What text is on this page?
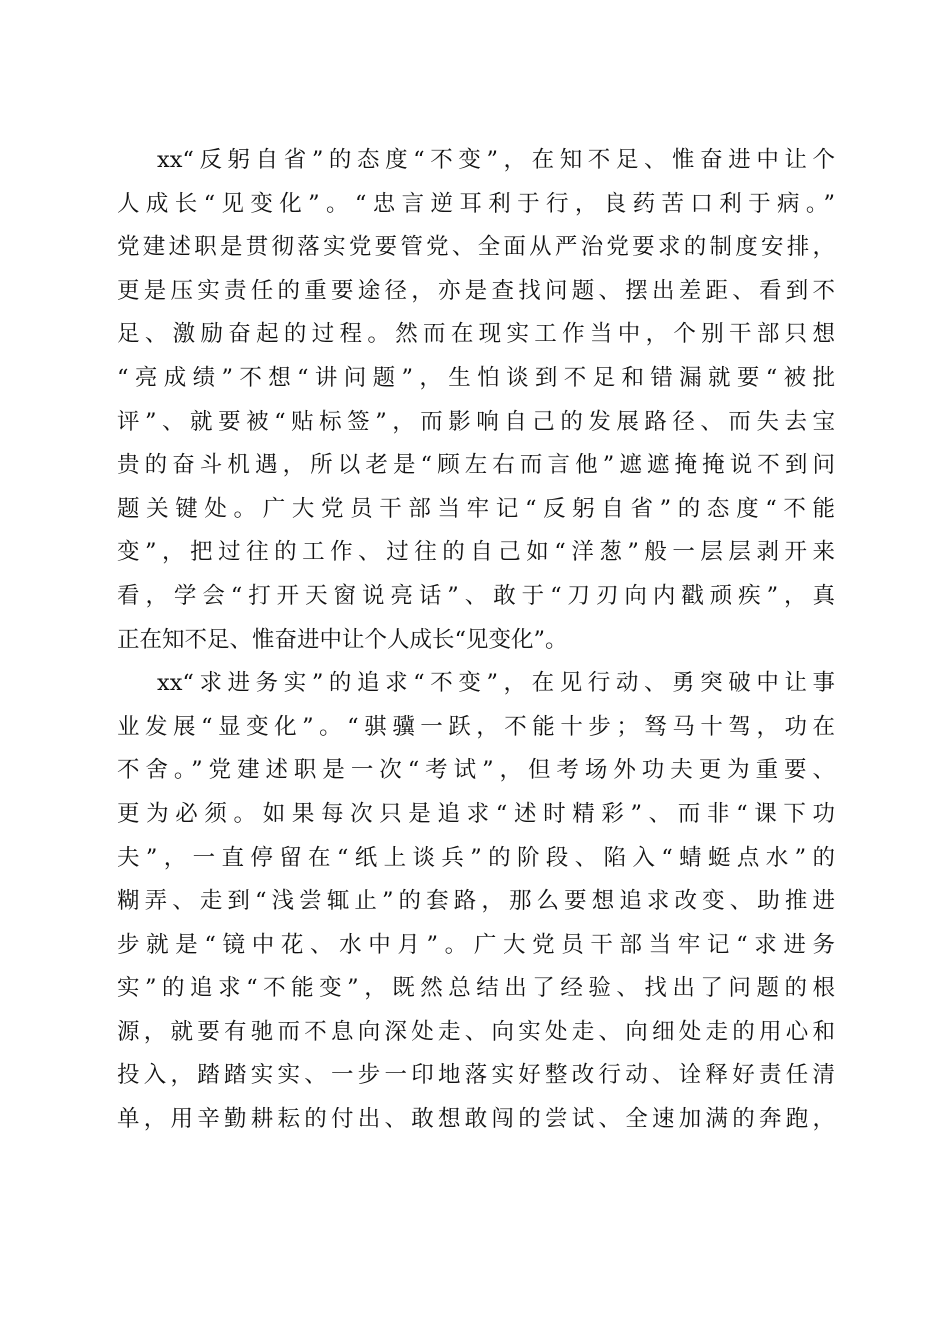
xx“反躬自省”的态度“不变”，在知不足、惟奋进中让个
人成长“见变化”。“忠言逆耳利于行，良药苦口利于病。”
党建述职是贯彻落实党要管党、全面从严治党要求的制度安排，
更是压实责任的重要途径，亦是查找问题、摆出差距、看到不
足、激励奋起的过程。然而在现实工作当中，个别干部只想
“亮成绩”不想“讲问题”，生怕谈到不足和错漏就要“被批
评”、就要被“贴标签”，而影响自己的发展路径、而失去宝
贵的奋斗机遇，所以老是“顾左右而言他”遮遮掩掩说不到问
题关键处。广大党员干部当牢记“反躬自省”的态度“不能
变”，把过往的工作、过往的自己如“洋葱”般一层层剥开来
看，学会“打开天窗说亮话”、敢于“刀刃向内戳顽疾”，真
正在知不足、惟奋进中让个人成长“见变化”。
xx“求进务实”的追求“不变”，在见行动、勇突破中让事
业发展“显变化”。“骐骥一跃，不能十步；驽马十驾，功在
不舍。”党建述职是一次“考试”，但考场外功夫更为重要、
更为必须。如果每次只是追求“述时精彩”、而非“课下功
夫”，一直停留在“纸上谈兵”的阶段、陷入“蜻蜓点水”的
糊弄、走到“浅尝辄止”的套路，那么要想追求改变、助推进
步就是“镜中花、水中月”。广大党员干部当牢记“求进务
实”的追求“不能变”，既然总结出了经验、找出了问题的根
源，就要有驰而不息向深处走、向实处走、向细处走的用心和
投入，踏踏实实、一步一印地落实好整改行动、诠释好责任清
单，用辛勤耕耘的付出、敢想敢闯的尝试、全速加满的奔跑，
